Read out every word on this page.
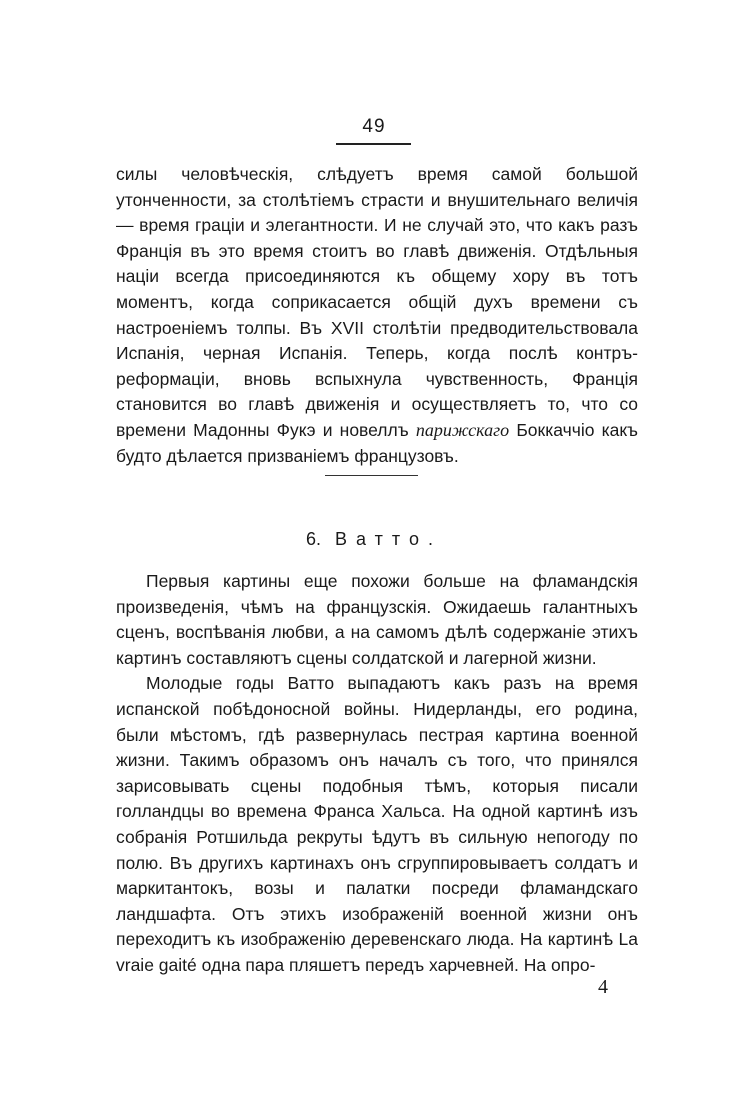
49

силы человѣческія, слѣдуетъ время самой большой утонченности, за столѣтіемъ страсти и внушительнаго величія— время граціи и элегантности. И не случай это, что какъ разъ Франція въ это время стоитъ во главѣ движенія. Отдѣльныя націи всегда присоединяются къ общему хору въ тотъ моментъ, когда соприкасается общій духъ времени съ настроеніемъ толпы. Въ XVII столѣтіи предводительствовала Испанія, черная Испанія. Теперь, когда послѣ контръ-реформаціи, вновь вспыхнула чувственность, Франція становится во главѣ движенія и осуществляетъ то, что со времени Мадонны Фукэ и новеллъ парижскаго Боккаччіо какъ будто дѣлается призваніемъ французовъ.

6. Ватто.

Первыя картины еще похожи больше на фламандскія произведенія, чѣмъ на французскія. Ожидаешь галантныхъ сценъ, воспѣванія любви, а на самомъ дѣлѣ содержаніе этихъ картинъ составляютъ сцены солдатской и лагерной жизни.

Молодые годы Ватто выпадаютъ какъ разъ на время испанской побѣдоносной войны. Нидерланды, его родина, были мѣстомъ, гдѣ развернулась пестрая картина военной жизни. Такимъ образомъ онъ началъ съ того, что принялся зарисовывать сцены подобныя тѣмъ, которыя писали голландцы во времена Франса Хальса. На одной картинѣ изъ собранія Ротшильда рекруты ѣдутъ въ сильную непогоду по полю. Въ другихъ картинахъ онъ сгруппировываетъ солдатъ и маркитантокъ, возы и палатки посреди фламандскаго ландшафта. Отъ этихъ изображеній военной жизни онъ переходитъ къ изображенію деревенскаго люда. На картинѣ La vraie gaité одна пара пляшетъ передъ харчевней. На опро-

4
